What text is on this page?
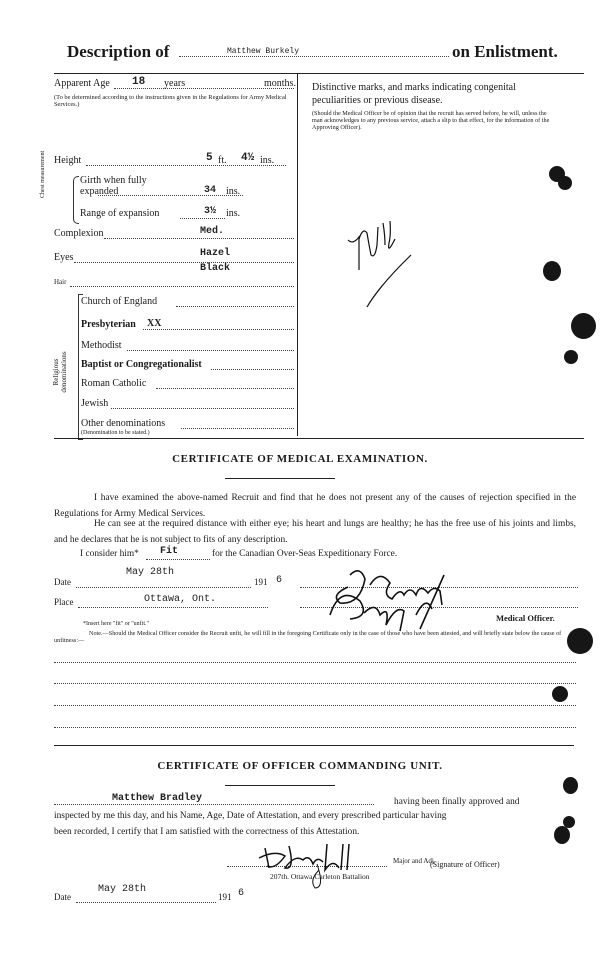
Description of	Matthew Burkely	on Enlistment.
Apparent Age 18 years	months.
(To be determined according to the instructions given in the Regulations for Army Medical Services.)
Height	5 ft. 4½ ins.
Chest measurement	Girth when fully expanded	34 ins.
Range of expansion	3½ ins.
Complexion	Med.
Eyes	Hazel
Hair
Black
Religious denominations
Church of England
Presbyterian XX
Methodist
Baptist or Congregationalist
Roman Catholic
Jewish
Other denominations
(Denomination to be stated.)
Distinctive marks, and marks indicating congenital peculiarities or previous disease.
(Should the Medical Officer be of opinion that the recruit has served before, he will, unless the man acknowledges to any previous service, attach a slip to that effect, for the information of the Approving Officer).
CERTIFICATE OF MEDICAL EXAMINATION.
I have examined the above-named Recruit and find that he does not present any of the causes of rejection specified in the Regulations for Army Medical Services.
He can see at the required distance with either eye; his heart and lungs are healthy; he has the free use of his joints and limbs, and he declares that he is not subject to fits of any description.
I consider him* Fit	for the Canadian Over-Seas Expeditionary Force.
Date
May 28th
191 6
Place	Ottawa, Ont.
Medical Officer.
*Insert here "fit" or "unfit."
Note.—Should the Medical Officer consider the Recruit unfit, he will fill in the foregoing Certificate only in the case of those who have been attested, and will briefly state below the cause of unfitness:—
CERTIFICATE OF OFFICER COMMANDING UNIT.
Matthew Bradley	having been finally approved and
inspected by me this day, and his Name, Age, Date of Attestation, and every prescribed particular having
been recorded, I certify that I am satisfied with the correctness of this Attestation.
Major and Adj.
(Signature of Officer)
207th. Ottawa Carleton Battalion
Date
May 28th
191 6
